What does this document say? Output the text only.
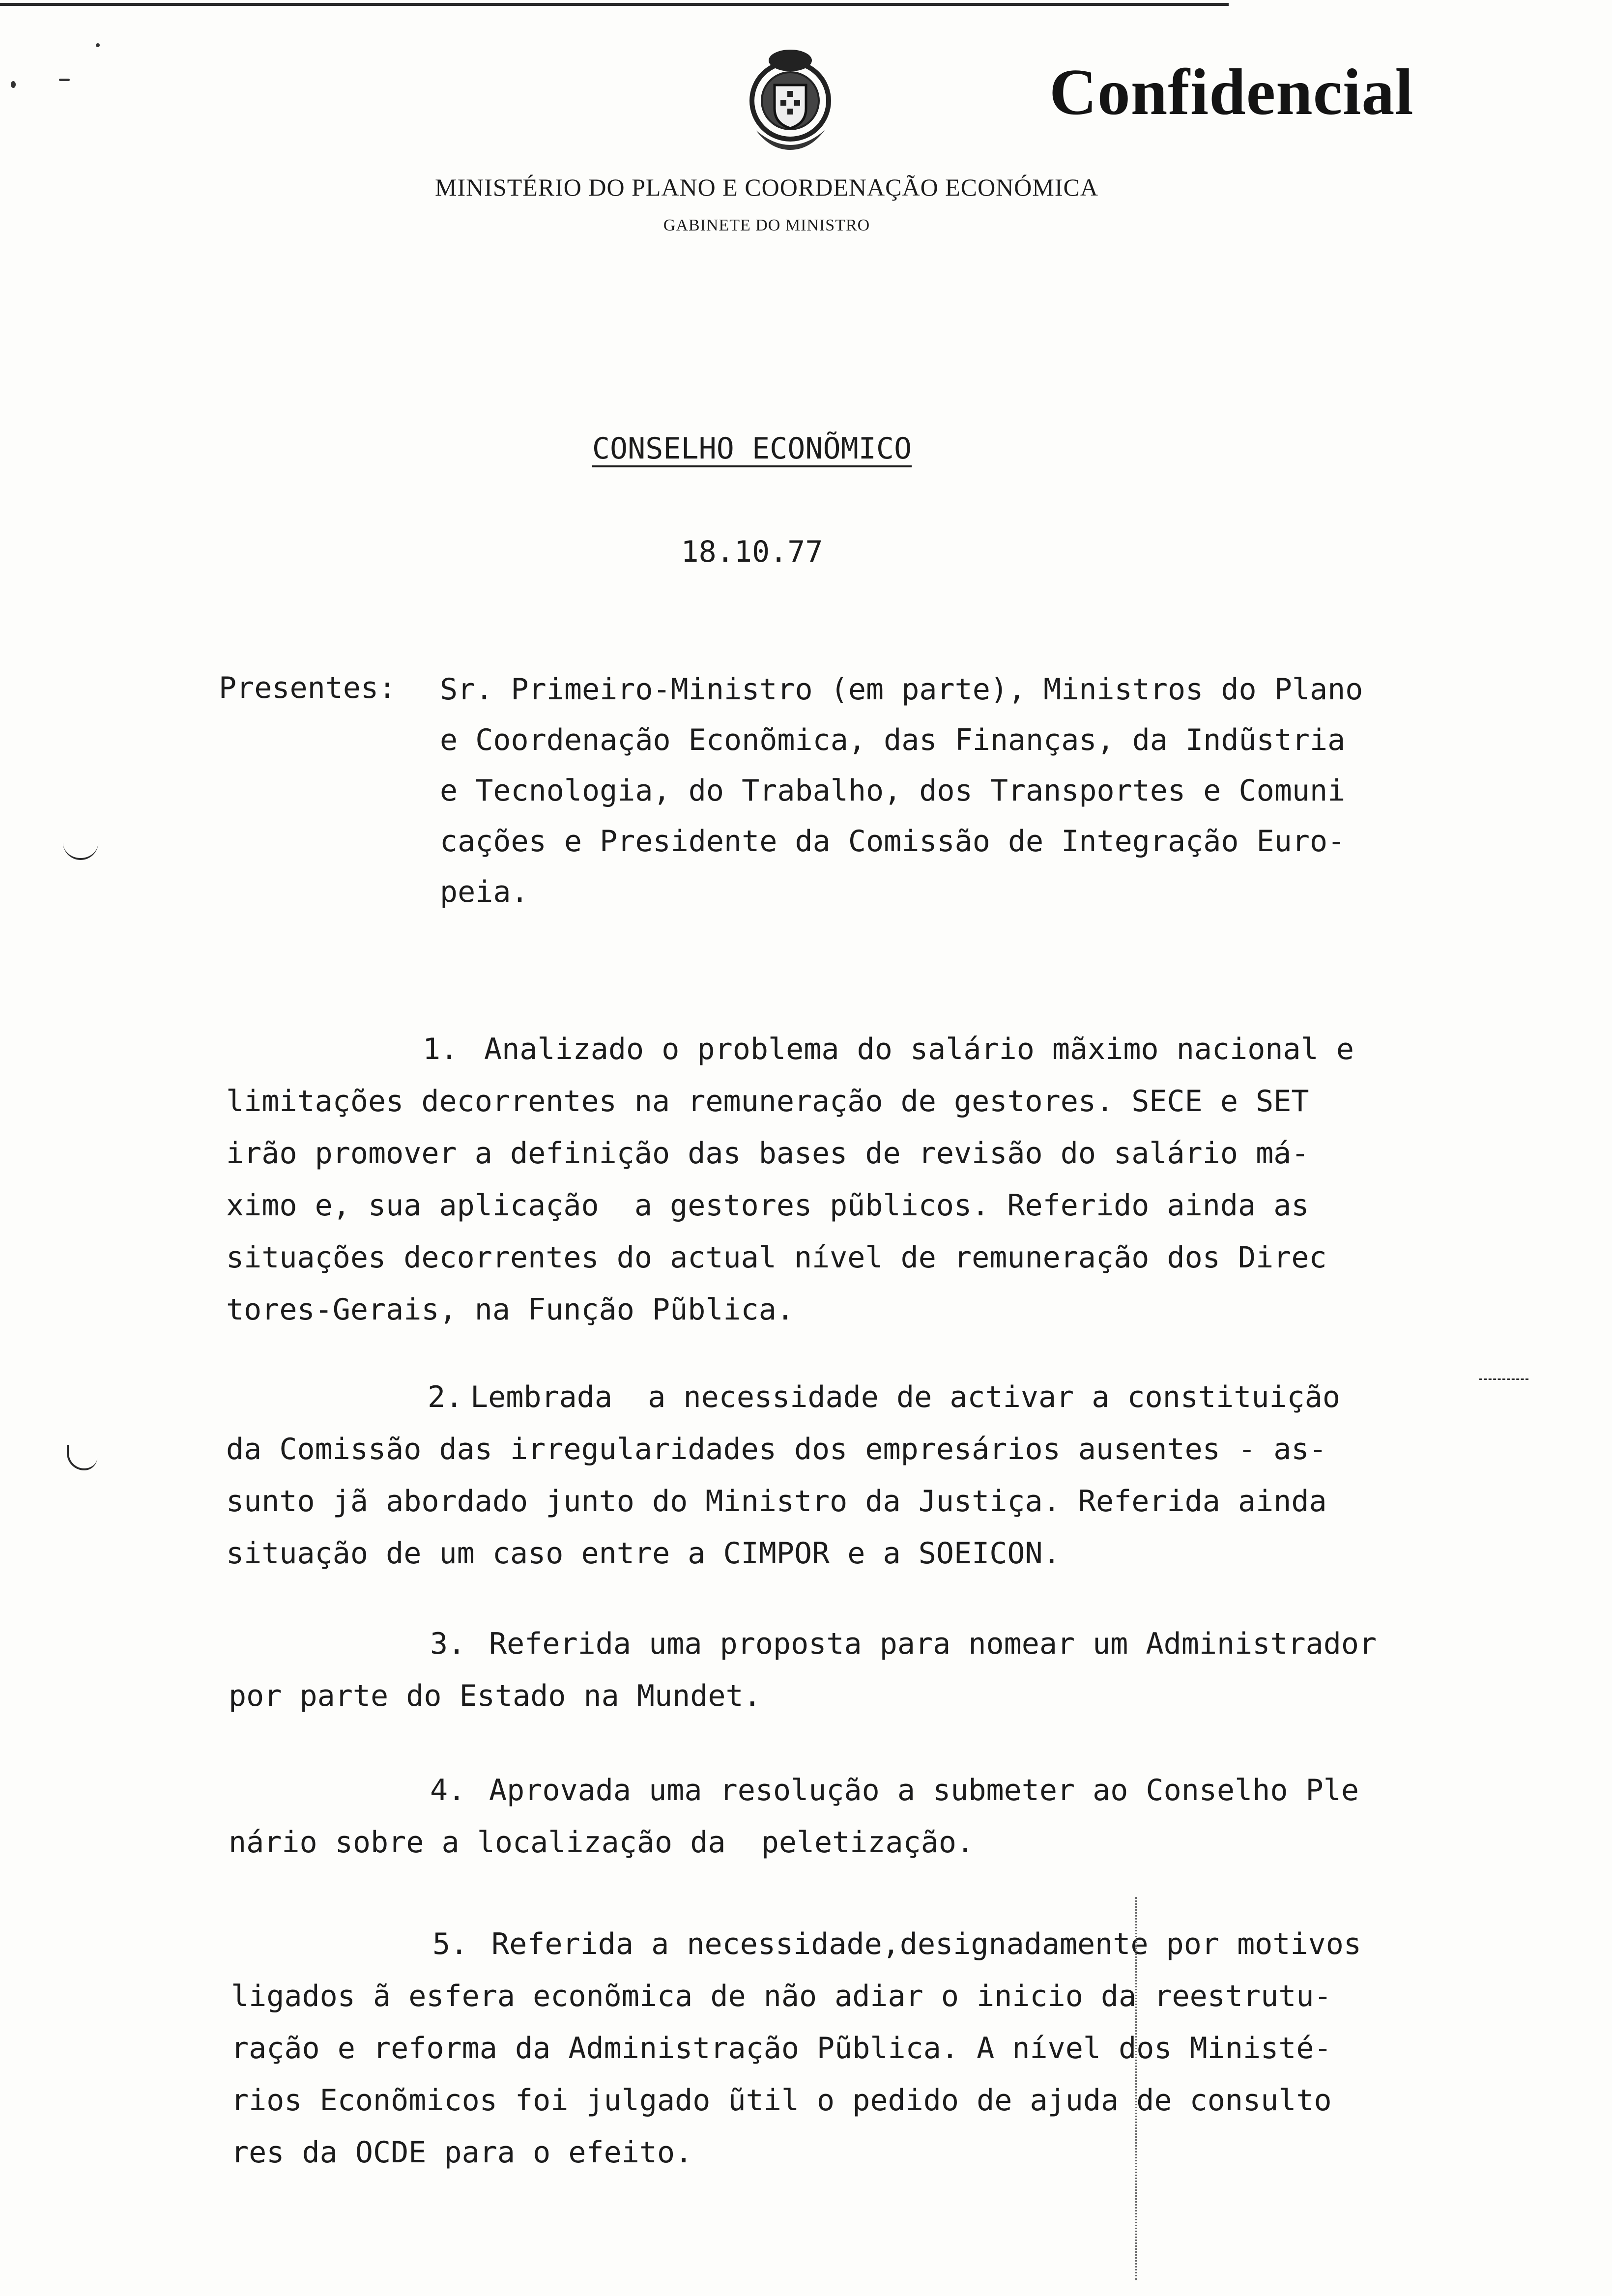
Confidencial
MINISTÉRIO DO PLANO E COORDENAÇÃO ECONÓMICA
GABINETE DO MINISTRO
CONSELHO ECONÕMICO
18.10.77
Presentes: Sr. Primeiro-Ministro (em parte), Ministros do Plano
e Coordenação Econõmica, das Finanças, da Indũstria
e Tecnologia, do Trabalho, dos Transportes e Comuni
cações e Presidente da Comissão de Integração Euro-
peia.
1. Analizado o problema do salário mãximo nacional e
limitações decorrentes na remuneração de gestores. SECE e SET
irão promover a definição das bases de revisão do salário má-
ximo e, sua aplicação  a gestores pũblicos. Referido ainda as
situações decorrentes do actual nível de remuneração dos Direc
tores-Gerais, na Função Pũblica.
2. Lembrada  a necessidade de activar a constituição
da Comissão das irregularidades dos empresários ausentes - as-
sunto jã abordado junto do Ministro da Justiça. Referida ainda
situação de um caso entre a CIMPOR e a SOEICON.
3. Referida uma proposta para nomear um Administrador
por parte do Estado na Mundet.
4. Aprovada uma resolução a submeter ao Conselho Ple
nário sobre a localização da  peletização.
5. Referida a necessidade,designadamente por motivos
ligados ã esfera econõmica de não adiar o inicio da reestrutu-
ração e reforma da Administração Pũblica. A nível dos Ministé-
rios Econõmicos foi julgado ũtil o pedido de ajuda de consulto
res da OCDE para o efeito.
